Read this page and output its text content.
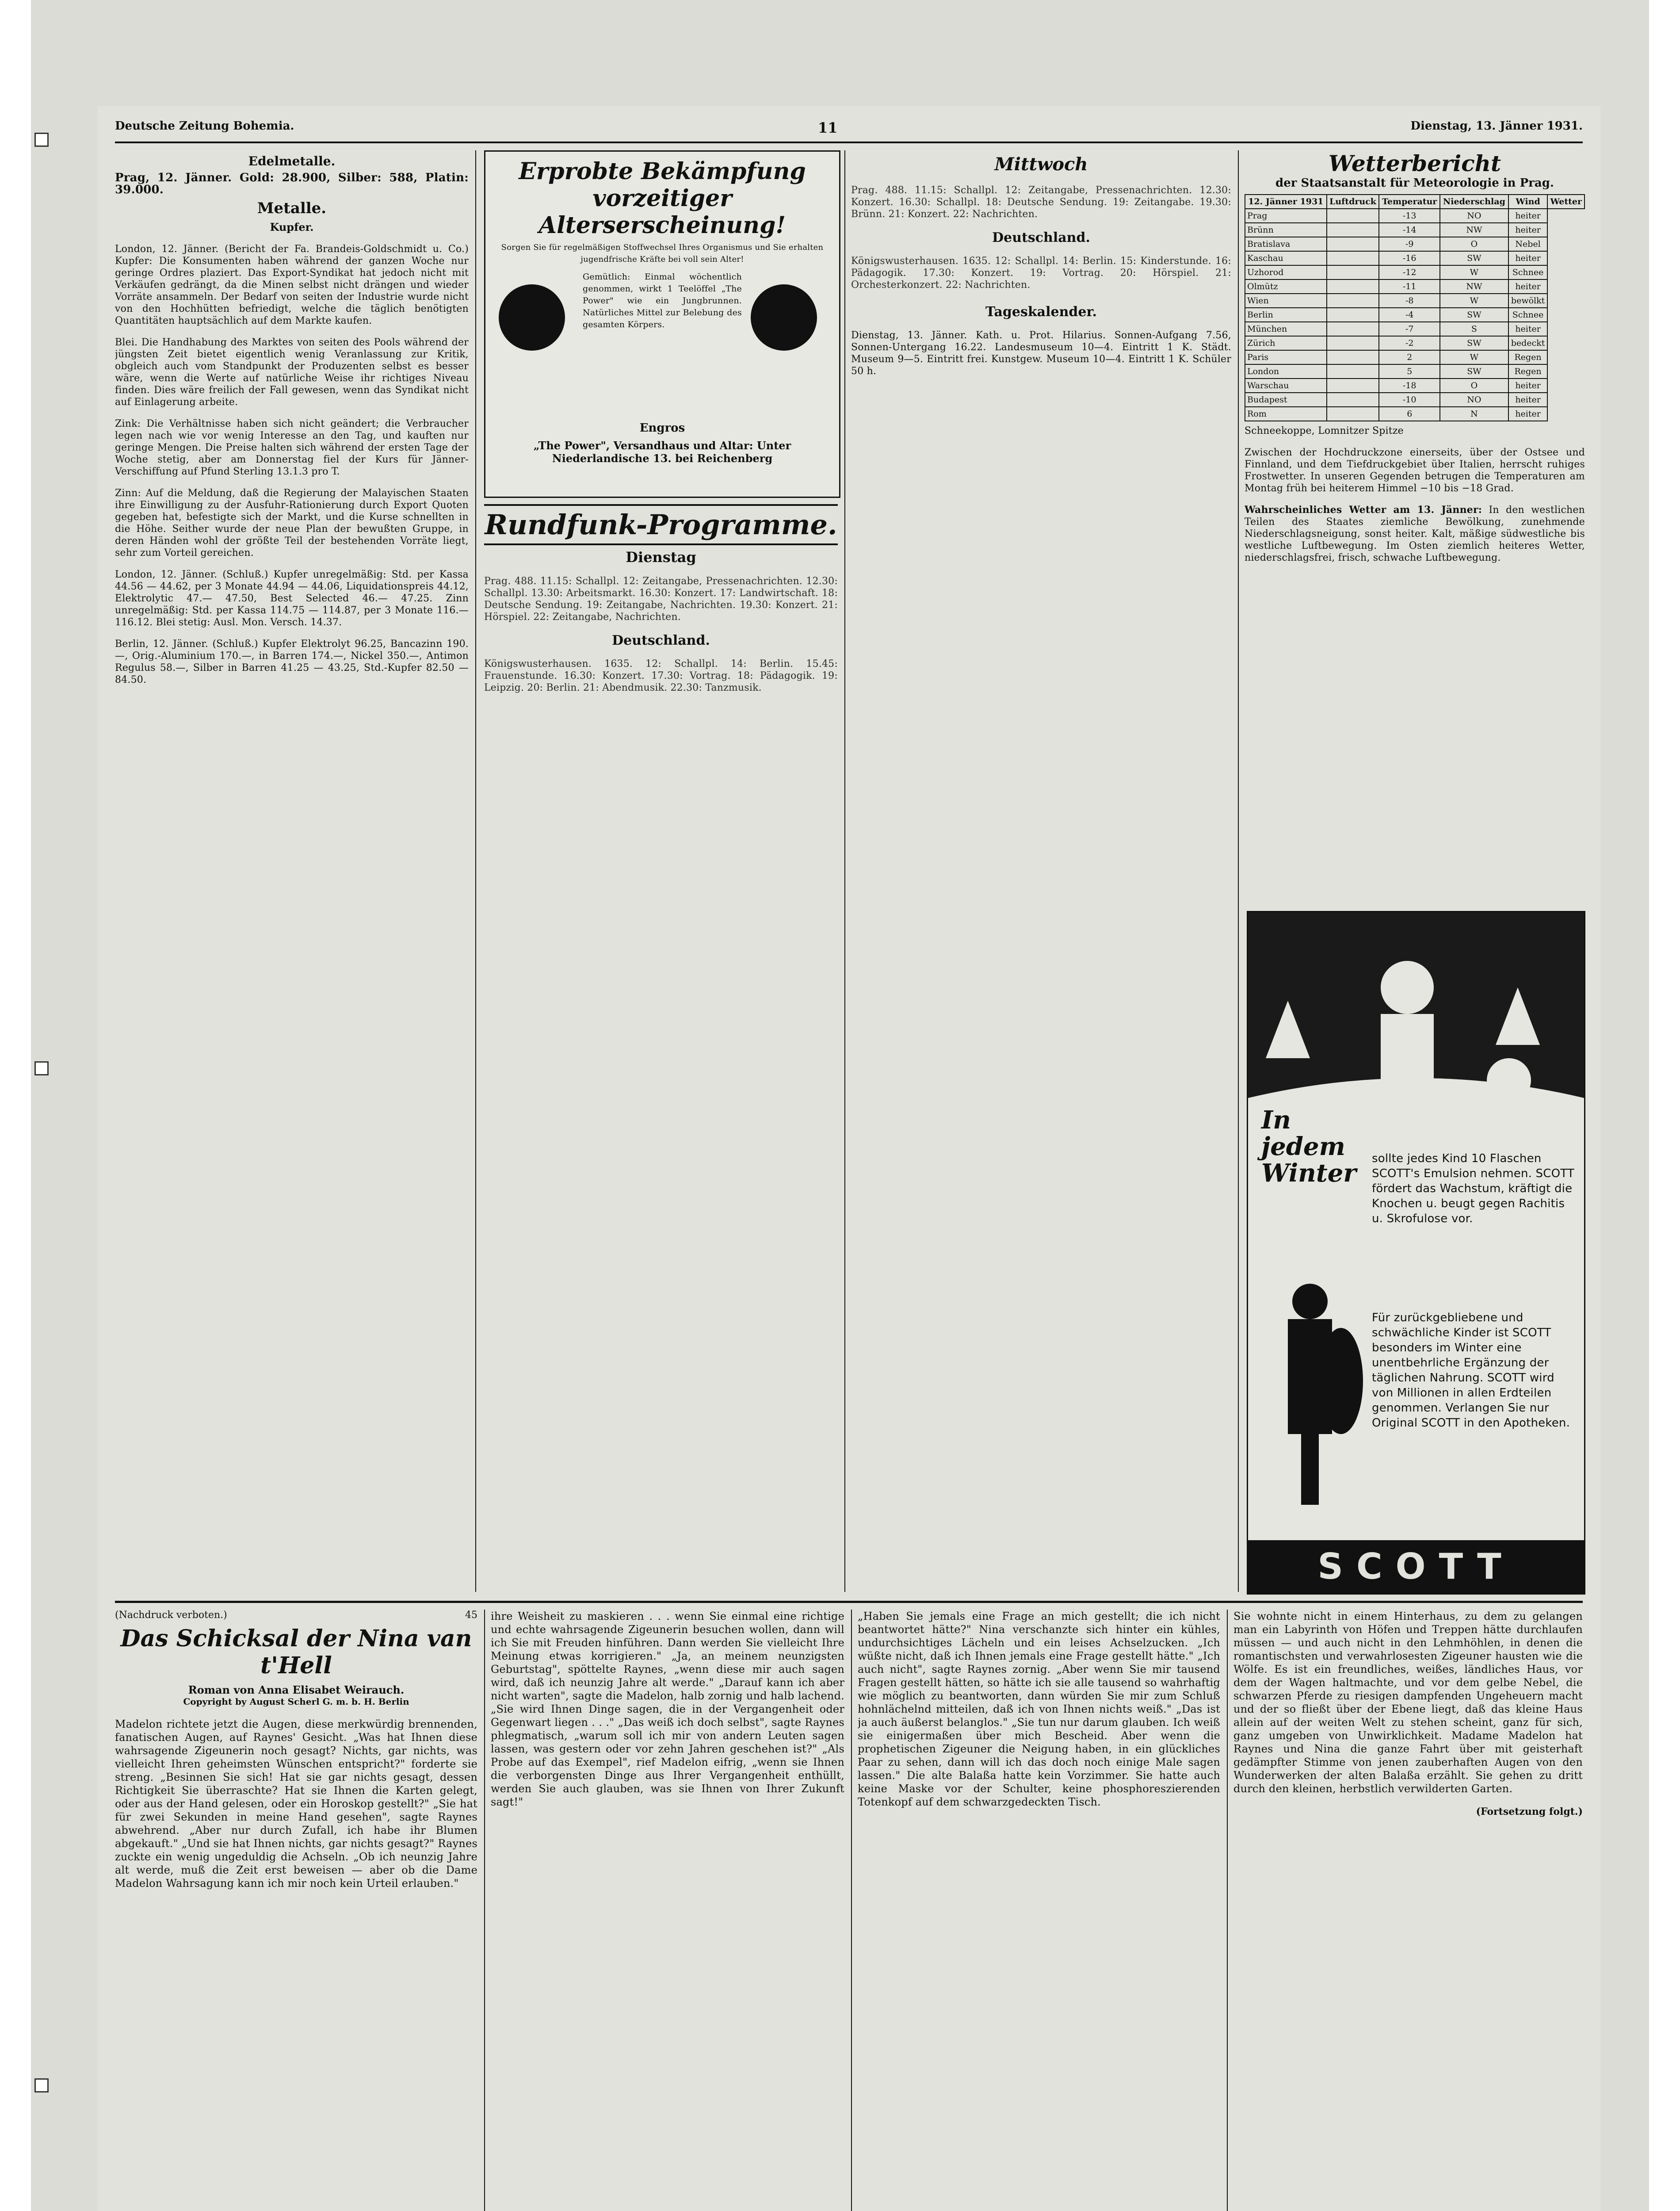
Deutsche Zeitung Bohemia.	11	Dienstag, 13. Jänner 1931.
Edelmetalle.
Prag, 12. Jänner. Gold: 28.900, Silber: 588, Platin: 39.000.
Metalle.
Kupfer.

London, 12. Jänner. (Bericht der Fa. Brandeis-Goldschmidt u. Co.) Kupfer: Die Konsumenten haben während der ganzen Woche nur geringe Ordres plaziert. Das Export-Syndikat hat jedoch nicht mit Verkäufen gedrängt, da die Minen selbst nicht drängen und wieder Vorräte ansammeln. Der Bedarf von seiten der Industrie wurde nicht von den Hochhütten befriedigt, welche die täglich benötigten Quantitäten hauptsächlich auf dem Markte kaufen.

Blei. Die Handhabung des Marktes von seiten des Pools während der jüngsten Zeit bietet eigentlich wenig Veranlassung zur Kritik, obgleich auch vom Standpunkt der Produzenten selbst es besser wäre, wenn die Werte auf natürliche Weise ihr richtiges Niveau finden. Dies wäre freilich der Fall gewesen, wenn das Syndikat nicht auf Einlagerung arbeite.

Zink: Die Verhältnisse haben sich nicht geändert; die Verbraucher legen nach wie vor wenig Interesse an den Tag, und kauften nur geringe Mengen. Die Preise halten sich während der ersten Tage der Woche stetig, aber am Donnerstag fiel der Kurs für Jänner-Verschiffung auf Pfund Sterling 13.1.3 pro T.

Zinn: Auf die Meldung, daß die Regierung der Malayischen Staaten ihre Einwilligung zu der Ausfuhr-Rationierung durch Export Quoten gegeben hat, befestigte sich der Markt, und die Kurse schnellten in die Höhe. Seither wurde der neue Plan der bewußten Gruppe, in deren Händen wohl der größte Teil der bestehenden Vorräte liegt, sehr zum Vorteil gereichen.

London, 12. Jänner. (Schluß.) Kupfer unregelmäßig: Std. per Kassa 44.56 — 44.62, per 3 Monate 44.94 — 44.06, Liquidationspreis 44.12, Elektrolytic 47.— 47.50, Best Selected 46.— 47.25. Zinn unregelmäßig: Std. per Kassa 114.75 — 114.87, per 3 Monate 116.— 116.12. Blei stetig: Ausl. Mon. Versch. 14.37.

Berlin, 12. Jänner. (Schluß.) Kupfer Elektrolyt 96.25, Bancazinn 190.—, Orig.-Aluminium 170.—, in Barren 174.—, Nickel 350.—, Antimon Regulus 58.—, Silber in Barren 41.25 — 43.25, Std.-Kupfer 82.50 — 84.50.

Erprobte Bekämpfung
vorzeitiger Alterserscheinung!
Sorgen Sie für regelmäßigen Stoffwechsel Ihres Organismus und Sie erhalten jugendfrische Kräfte bei voll sein Alter!
Gemütlich: Einmal wöchentlich genommen, wirkt 1 Teelöffel „The Power" wie ein Jungbrunnen. Natürliches Mittel zur Belebung des gesamten Körpers.
Engros
„The Power", Versandhaus und Altar: Unter Niederlandische 13. bei Reichenberg
Rundfunk-Programme.
Dienstag

Prag. 488. 11.15: Schallpl. 12: Zeitangabe, Pressenachrichten. 12.30: Schallpl. 13.30: Arbeitsmarkt. 16.30: Konzert. 17: Landwirtschaft. 18: Deutsche Sendung. 19: Zeitangabe, Nachrichten. 19.30: Konzert. 21: Hörspiel. 22: Zeitangabe, Nachrichten.

Deutschland.

Königswusterhausen. 1635. 12: Schallpl. 14: Berlin. 15.45: Frauenstunde. 16.30: Konzert. 17.30: Vortrag. 18: Pädagogik. 19: Leipzig. 20: Berlin. 21: Abendmusik. 22.30: Tanzmusik.

Mittwoch

Prag. 488. 11.15: Schallpl. 12: Zeitangabe, Pressenachrichten. 12.30: Konzert. 16.30: Schallpl. 18: Deutsche Sendung. 19: Zeitangabe. 19.30: Brünn. 21: Konzert. 22: Nachrichten.

Deutschland.

Königswusterhausen. 1635. 12: Schallpl. 14: Berlin. 15: Kinderstunde. 16: Pädagogik. 17.30: Konzert. 19: Vortrag. 20: Hörspiel. 21: Orchesterkonzert. 22: Nachrichten.

Tageskalender.

Dienstag, 13. Jänner. Kath. u. Prot. Hilarius. Sonnen-Aufgang 7.56, Sonnen-Untergang 16.22. Landesmuseum 10—4. Eintritt 1 K. Städt. Museum 9—5. Eintritt frei. Kunstgew. Museum 10—4. Eintritt 1 K. Schüler 50 h.

Wetterbericht
der Staatsanstalt für Meteorologie in Prag.
12. Jänner 1931	Luftdruck	Temperatur	Niederschlag	Wind	Wetter
Prag		-13	NO	heiter	
Brünn		-14	NW	heiter	
Bratislava		-9	O	Nebel	
Kaschau		-16	SW	heiter	
Uzhorod		-12	W	Schnee	
Olmütz		-11	NW	heiter	
Wien		-8	W	bewölkt	
Berlin		-4	SW	Schnee	
München		-7	S	heiter	
Zürich		-2	SW	bedeckt	
Paris		2	W	Regen	
London		5	SW	Regen	
Warschau		-18	O	heiter	
Budapest		-10	NO	heiter	
Rom		6	N	heiter	
Schneekoppe, Lomnitzer Spitze

Zwischen der Hochdruckzone einerseits, über der Ostsee und Finnland, und dem Tiefdruckgebiet über Italien, herrscht ruhiges Frostwetter. In unseren Gegenden betrugen die Temperaturen am Montag früh bei heiterem Himmel −10 bis −18 Grad.

Wahrscheinliches Wetter am 13. Jänner: In den westlichen Teilen des Staates ziemliche Bewölkung, zunehmende Niederschlagsneigung, sonst heiter. Kalt, mäßige südwestliche bis westliche Luftbewegung. Im Osten ziemlich heiteres Wetter, niederschlagsfrei, frisch, schwache Luftbewegung.

In jedem Winter	sollte jedes Kind 10 Flaschen SCOTT's Emulsion nehmen. SCOTT fördert das Wachstum, kräftigt die Knochen u. beugt gegen Rachitis u. Skrofulose vor.
Für zurückgebliebene und schwächliche Kinder ist SCOTT besonders im Winter eine unentbehrliche Ergänzung der täglichen Nahrung. SCOTT wird von Millionen in allen Erdteilen genommen. Verlangen Sie nur Original SCOTT in den Apotheken.
SCOTT
(Nachdruck verboten.)	45
Das Schicksal der Nina van t'Hell
Roman von Anna Elisabet Weirauch.
Copyright by August Scherl G. m. b. H. Berlin

Madelon richtete jetzt die Augen, diese merkwürdig brennenden, fanatischen Augen, auf Raynes' Gesicht. „Was hat Ihnen diese wahrsagende Zigeunerin noch gesagt? Nichts, gar nichts, was vielleicht Ihren geheimsten Wünschen entspricht?" forderte sie streng. „Besinnen Sie sich! Hat sie gar nichts gesagt, dessen Richtigkeit Sie überraschte? Hat sie Ihnen die Karten gelegt, oder aus der Hand gelesen, oder ein Horoskop gestellt?" „Sie hat für zwei Sekunden in meine Hand gesehen", sagte Raynes abwehrend. „Aber nur durch Zufall, ich habe ihr Blumen abgekauft." „Und sie hat Ihnen nichts, gar nichts gesagt?" Raynes zuckte ein wenig ungeduldig die Achseln. „Ob ich neunzig Jahre alt werde, muß die Zeit erst beweisen — aber ob die Dame Madelon Wahrsagung kann ich mir noch kein Urteil erlauben."

ihre Weisheit zu maskieren . . . wenn Sie einmal eine richtige und echte wahrsagende Zigeunerin besuchen wollen, dann will ich Sie mit Freuden hinführen. Dann werden Sie vielleicht Ihre Meinung etwas korrigieren." „Ja, an meinem neunzigsten Geburtstag", spöttelte Raynes, „wenn diese mir auch sagen wird, daß ich neunzig Jahre alt werde." „Darauf kann ich aber nicht warten", sagte die Madelon, halb zornig und halb lachend. „Sie wird Ihnen Dinge sagen, die in der Vergangenheit oder Gegenwart liegen . . ." „Das weiß ich doch selbst", sagte Raynes phlegmatisch, „warum soll ich mir von andern Leuten sagen lassen, was gestern oder vor zehn Jahren geschehen ist?" „Als Probe auf das Exempel", rief Madelon eifrig, „wenn sie Ihnen die verborgensten Dinge aus Ihrer Vergangenheit enthüllt, werden Sie auch glauben, was sie Ihnen von Ihrer Zukunft sagt!"

„Haben Sie jemals eine Frage an mich gestellt; die ich nicht beantwortet hätte?" Nina verschanzte sich hinter ein kühles, undurchsichtiges Lächeln und ein leises Achselzucken. „Ich wüßte nicht, daß ich Ihnen jemals eine Frage gestellt hätte." „Ich auch nicht", sagte Raynes zornig. „Aber wenn Sie mir tausend Fragen gestellt hätten, so hätte ich sie alle tausend so wahrhaftig wie möglich zu beantworten, dann würden Sie mir zum Schluß hohnlächelnd mitteilen, daß ich von Ihnen nichts weiß." „Das ist ja auch äußerst belanglos." „Sie tun nur darum glauben. Ich weiß sie einigermaßen über mich Bescheid. Aber wenn die prophetischen Zigeuner die Neigung haben, in ein glückliches Paar zu sehen, dann will ich das doch noch einige Male sagen lassen." Die alte Balaßa hatte kein Vorzimmer. Sie hatte auch keine Maske vor der Schulter, keine phosphoreszierenden Totenkopf auf dem schwarzgedeckten Tisch.

Sie wohnte nicht in einem Hinterhaus, zu dem zu gelangen man ein Labyrinth von Höfen und Treppen hätte durchlaufen müssen — und auch nicht in den Lehmhöhlen, in denen die romantischsten und verwahrlosesten Zigeuner hausten wie die Wölfe. Es ist ein freundliches, weißes, ländliches Haus, vor dem der Wagen haltmachte, und vor dem gelbe Nebel, die schwarzen Pferde zu riesigen dampfenden Ungeheuern macht und der so fließt über der Ebene liegt, daß das kleine Haus allein auf der weiten Welt zu stehen scheint, ganz für sich, ganz umgeben von Unwirklichkeit. Madame Madelon hat Raynes und Nina die ganze Fahrt über mit geisterhaft gedämpfter Stimme von jenen zauberhaften Augen von den Wunderwerken der alten Balaßa erzählt. Sie gehen zu dritt durch den kleinen, herbstlich verwilderten Garten.

(Fortsetzung folgt.)
